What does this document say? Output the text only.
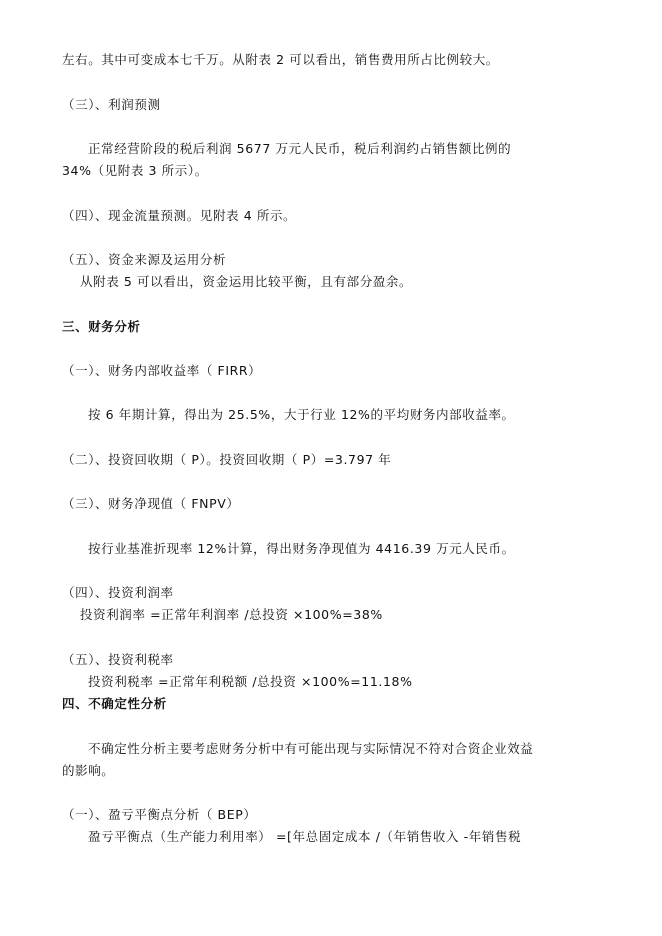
左右。其中可变成本七千万。从附表 2 可以看出，销售费用所占比例较大。
（三）、利润预测
正常经营阶段的税后利润 5677 万元人民币，税后利润约占销售额比例的
34%（见附表 3 所示）。
（四）、现金流量预测。见附表 4 所示。
（五）、资金来源及运用分析
从附表 5 可以看出，资金运用比较平衡，且有部分盈余。
三、财务分析
（一）、财务内部收益率（ FIRR）
按 6 年期计算，得出为 25.5%，大于行业 12%的平均财务内部收益率。
（二）、投资回收期（ P）。投资回收期（ P）=3.797 年
（三）、财务净现值（ FNPV）
按行业基准折现率 12%计算，得出财务净现值为 4416.39 万元人民币。
（四）、投资利润率
投资利润率 =正常年利润率 /总投资 ×100%=38%
（五）、投资利税率
投资利税率 =正常年利税额 /总投资 ×100%=11.18%
四、不确定性分析
不确定性分析主要考虑财务分析中有可能出现与实际情况不符对合资企业效益
的影响。
（一）、盈亏平衡点分析（ BEP）
盈亏平衡点（生产能力利用率） =[年总固定成本 /（年销售收入 -年销售税
